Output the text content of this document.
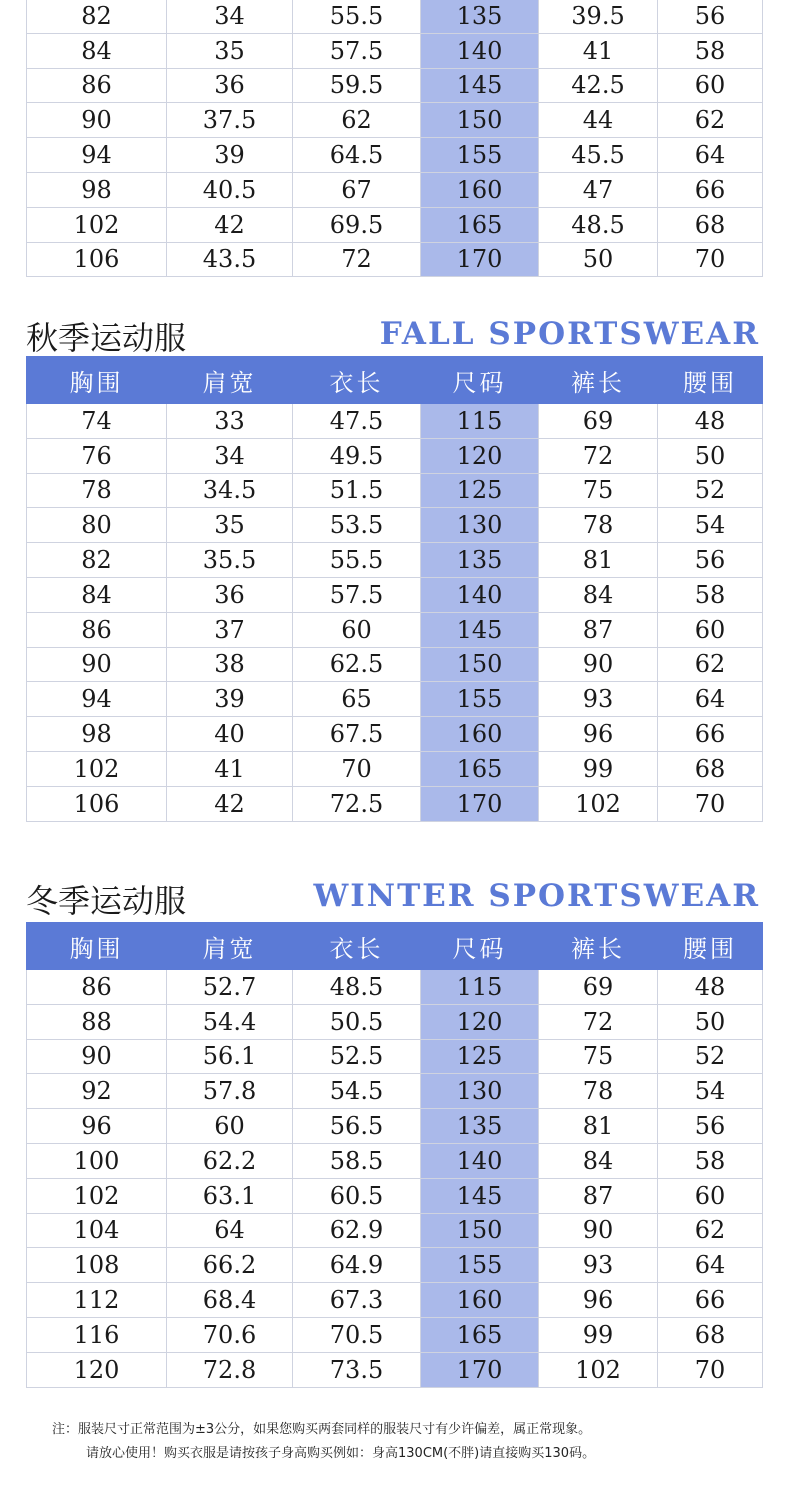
82	34	55.5	135	39.5	56
84	35	57.5	140	41	58
86	36	59.5	145	42.5	60
90	37.5	62	150	44	62
94	39	64.5	155	45.5	64
98	40.5	67	160	47	66
102	42	69.5	165	48.5	68
106	43.5	72	170	50	70
秋季运动服	FALL SPORTSWEAR
胸围	肩宽	衣长	尺码	裤长	腰围
74	33	47.5	115	69	48
76	34	49.5	120	72	50
78	34.5	51.5	125	75	52
80	35	53.5	130	78	54
82	35.5	55.5	135	81	56
84	36	57.5	140	84	58
86	37	60	145	87	60
90	38	62.5	150	90	62
94	39	65	155	93	64
98	40	67.5	160	96	66
102	41	70	165	99	68
106	42	72.5	170	102	70
冬季运动服	WINTER SPORTSWEAR
胸围	肩宽	衣长	尺码	裤长	腰围
86	52.7	48.5	115	69	48
88	54.4	50.5	120	72	50
90	56.1	52.5	125	75	52
92	57.8	54.5	130	78	54
96	60	56.5	135	81	56
100	62.2	58.5	140	84	58
102	63.1	60.5	145	87	60
104	64	62.9	150	90	62
108	66.2	64.9	155	93	64
112	68.4	67.3	160	96	66
116	70.6	70.5	165	99	68
120	72.8	73.5	170	102	70
注：服装尺寸正常范围为±3公分，如果您购买两套同样的服装尺寸有少许偏差，属正常现象。
请放心使用！购买衣服是请按孩子身高购买例如：身高130CM(不胖)请直接购买130码。
